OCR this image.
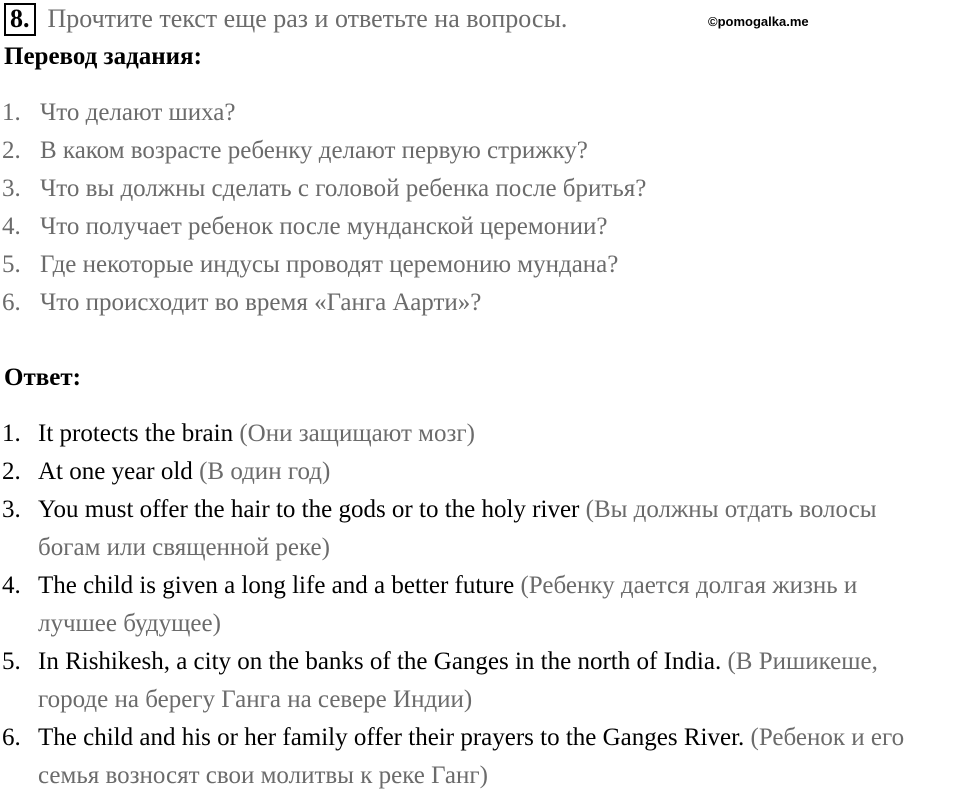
8. Прочтите текст еще раз и ответьте на вопросы.	©pomogalka.me
Перевод задания:
1. Что делают шиха?
2. В каком возрасте ребенку делают первую стрижку?
3. Что вы должны сделать с головой ребенка после бритья?
4. Что получает ребенок после мунданской церемонии?
5. Где некоторые индусы проводят церемонию мундана?
6. Что происходит во время «Ганга Аарти»?
Ответ:
1. It protects the brain (Они защищают мозг)
2. At one year old (В один год)
3. You must offer the hair to the gods or to the holy river (Вы должны отдать волосы богам или священной реке)
4. The child is given a long life and a better future (Ребенку дается долгая жизнь и лучшее будущее)
5. In Rishikesh, a city on the banks of the Ganges in the north of India. (В Ришикеше, городе на берегу Ганга на севере Индии)
6. The child and his or her family offer their prayers to the Ganges River. (Ребенок и его семья возносят свои молитвы к реке Ганг)
